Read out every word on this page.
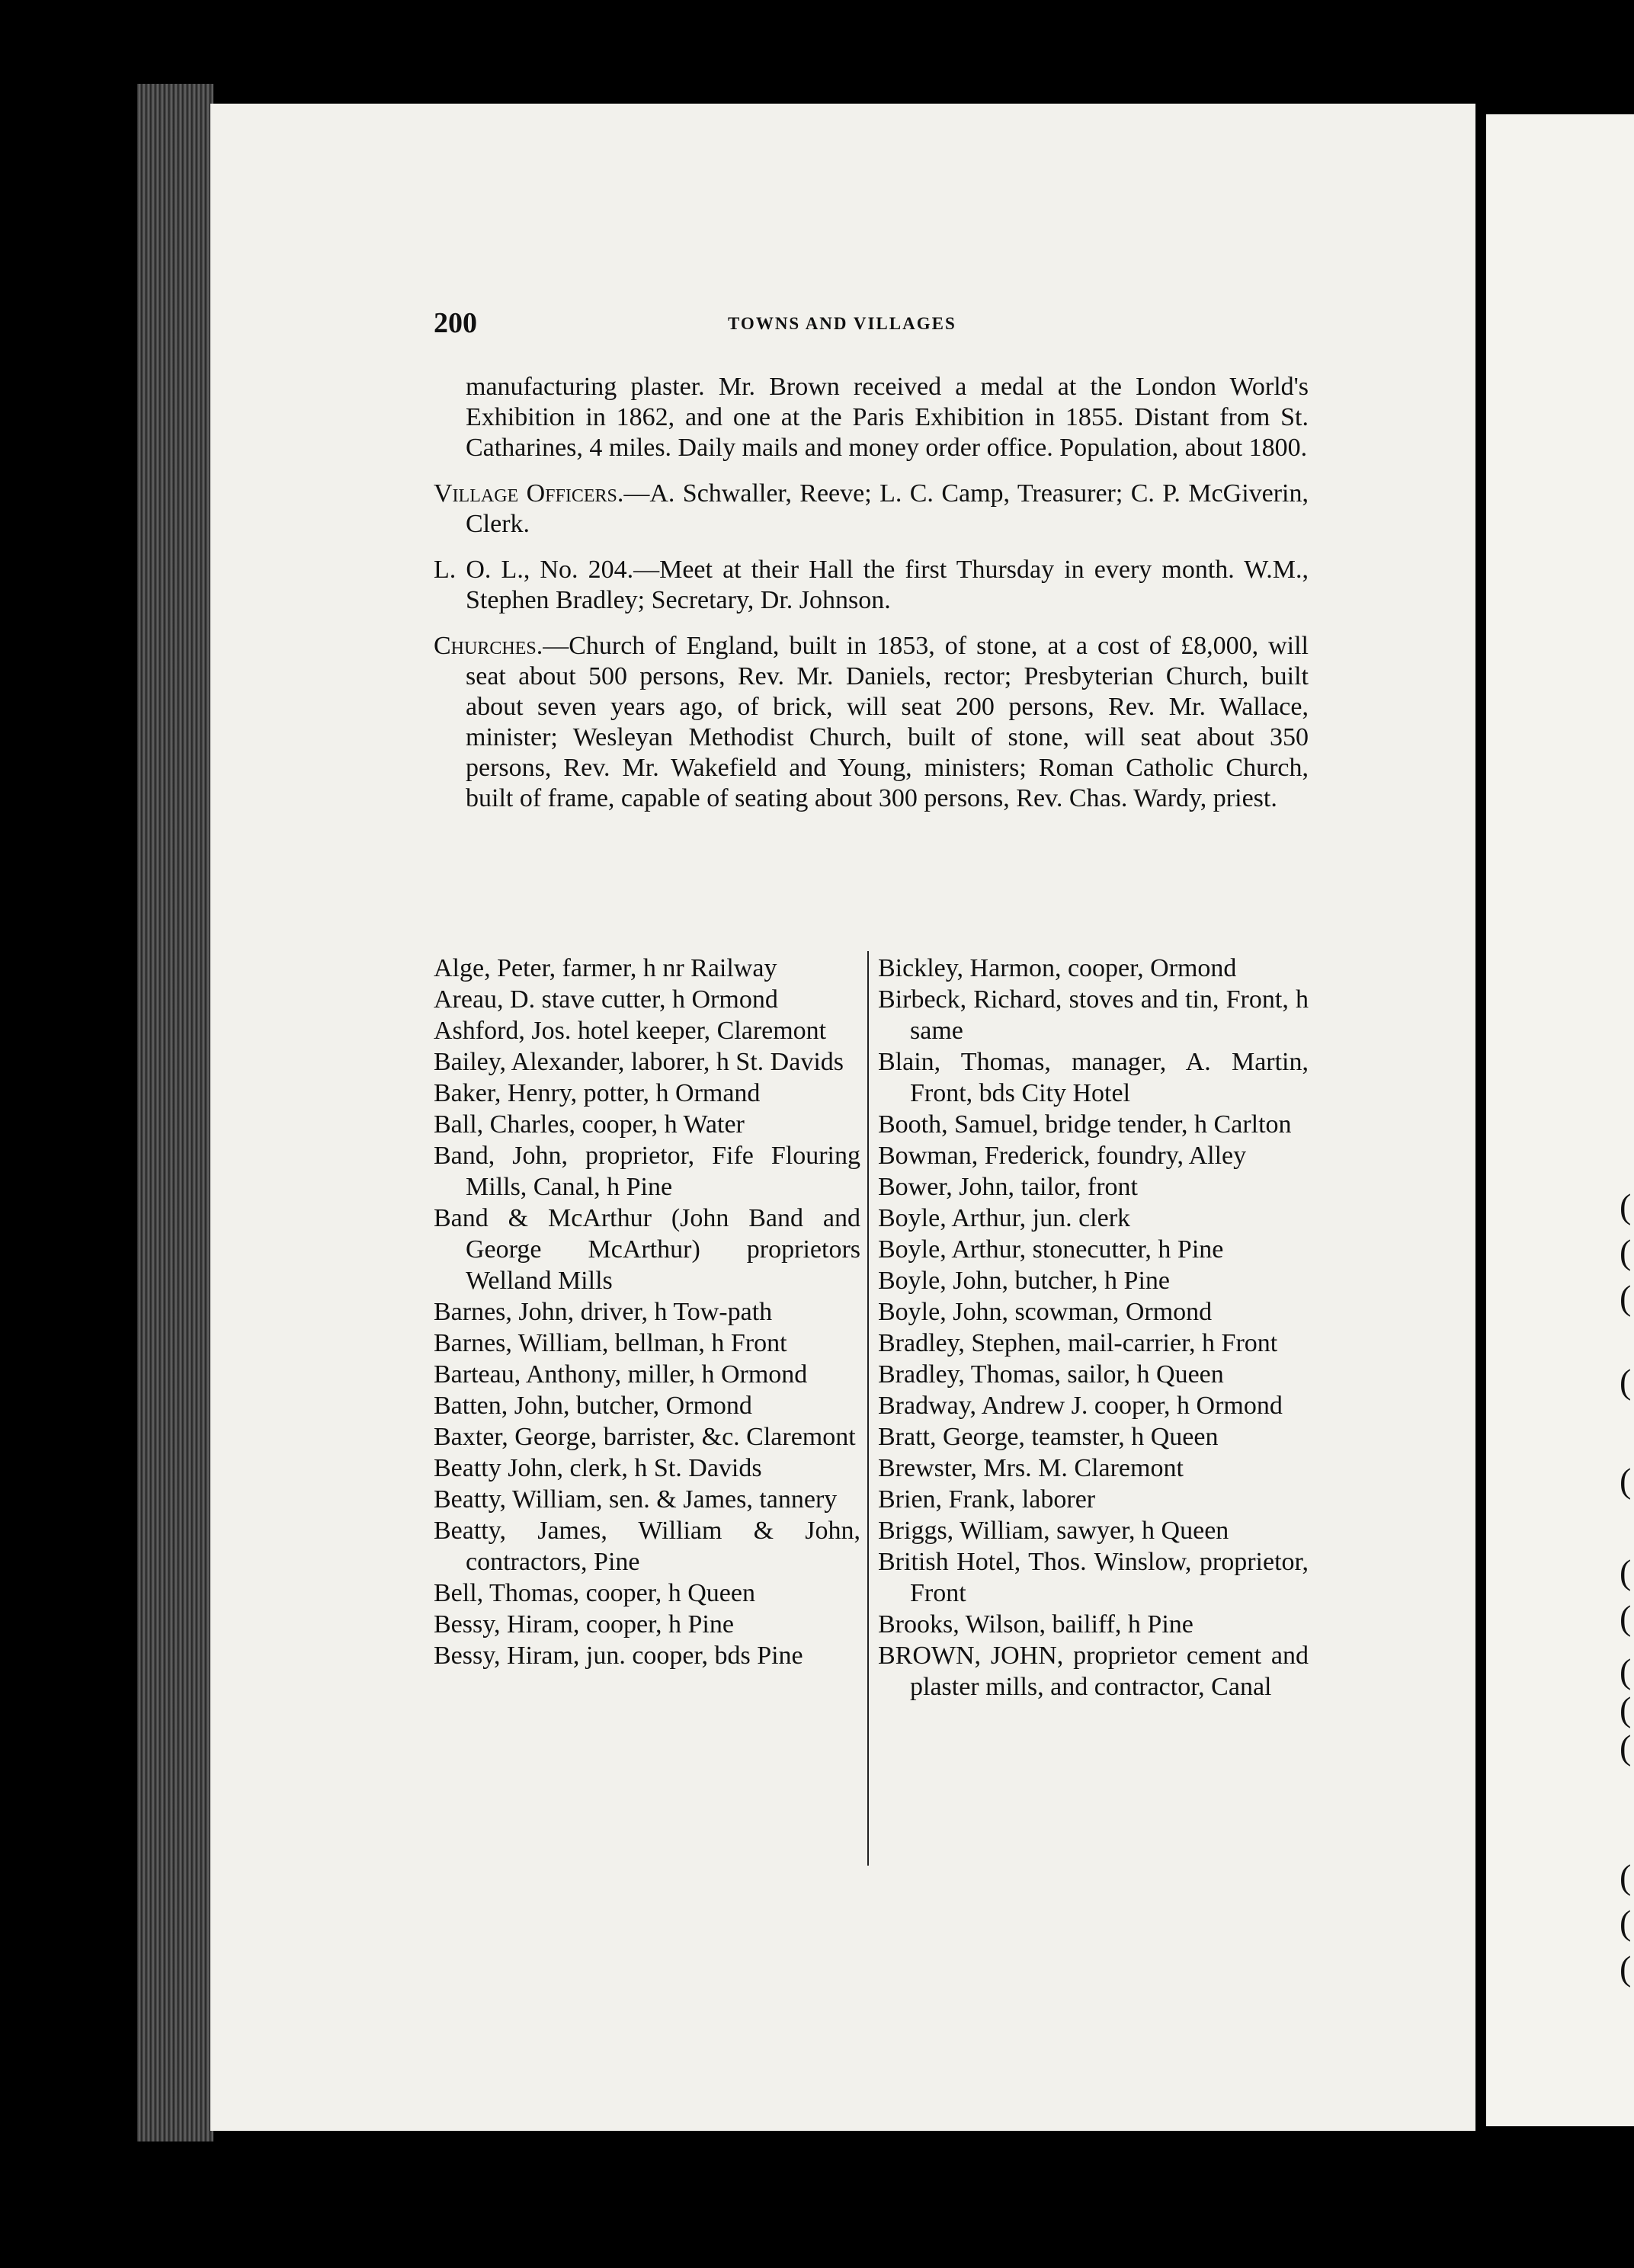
(
(
(
(
(
(
(
(
(
(
(
(
(
200	TOWNS AND VILLAGES

manufacturing plaster. Mr. Brown received a medal at the London World's Exhibition in 1862, and one at the Paris Exhibition in 1855. Distant from St. Catharines, 4 miles. Daily mails and money order office. Population, about 1800.

Village Officers.—A. Schwaller, Reeve; L. C. Camp, Treasurer; C. P. McGiverin, Clerk.

L. O. L., No. 204.—Meet at their Hall the first Thursday in every month. W.M., Stephen Bradley; Secretary, Dr. Johnson.

Churches.—Church of England, built in 1853, of stone, at a cost of £8,000, will seat about 500 persons, Rev. Mr. Daniels, rector; Presbyterian Church, built about seven years ago, of brick, will seat 200 persons, Rev. Mr. Wallace, minister; Wesleyan Methodist Church, built of stone, will seat about 350 persons, Rev. Mr. Wakefield and Young, ministers; Roman Catholic Church, built of frame, capable of seating about 300 persons, Rev. Chas. Wardy, priest.

Alge, Peter, farmer, h nr Railway

Areau, D. stave cutter, h Ormond

Ashford, Jos. hotel keeper, Claremont

Bailey, Alexander, laborer, h St. Davids

Baker, Henry, potter, h Ormand

Ball, Charles, cooper, h Water

Band, John, proprietor, Fife Flouring Mills, Canal, h Pine

Band & McArthur (John Band and George McArthur) proprietors Welland Mills

Barnes, John, driver, h Tow-path

Barnes, William, bellman, h Front

Barteau, Anthony, miller, h Ormond

Batten, John, butcher, Ormond

Baxter, George, barrister, &c. Claremont

Beatty John, clerk, h St. Davids

Beatty, William, sen. & James, tannery

Beatty, James, William & John, contractors, Pine

Bell, Thomas, cooper, h Queen

Bessy, Hiram, cooper, h Pine

Bessy, Hiram, jun. cooper, bds Pine

Bickley, Harmon, cooper, Ormond

Birbeck, Richard, stoves and tin, Front, h same

Blain, Thomas, manager, A. Martin, Front, bds City Hotel

Booth, Samuel, bridge tender, h Carlton

Bowman, Frederick, foundry, Alley

Bower, John, tailor, front

Boyle, Arthur, jun. clerk

Boyle, Arthur, stonecutter, h Pine

Boyle, John, butcher, h Pine

Boyle, John, scowman, Ormond

Bradley, Stephen, mail-carrier, h Front

Bradley, Thomas, sailor, h Queen

Bradway, Andrew J. cooper, h Ormond

Bratt, George, teamster, h Queen

Brewster, Mrs. M. Claremont

Brien, Frank, laborer

Briggs, William, sawyer, h Queen

British Hotel, Thos. Winslow, proprietor, Front

Brooks, Wilson, bailiff, h Pine

BROWN, JOHN, proprietor cement and plaster mills, and contractor, Canal
